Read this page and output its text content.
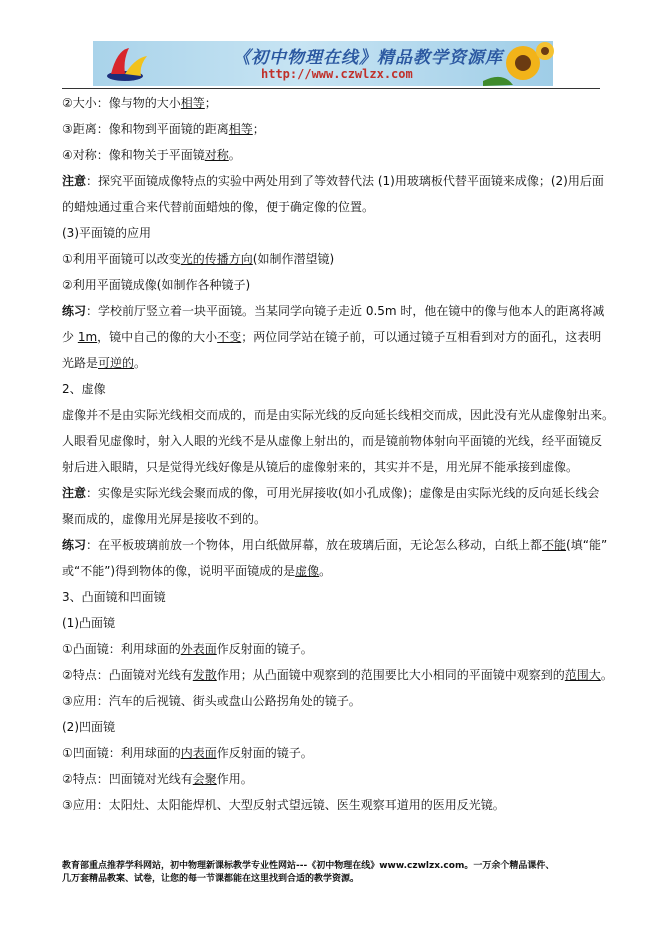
《初中物理在线》精品教学资源库
http://www.czwlzx.com
②大小：像与物的大小相等；
③距离：像和物到平面镜的距离相等；
④对称：像和物关于平面镜对称。
注意：探究平面镜成像特点的实验中两处用到了等效替代法 (1)用玻璃板代替平面镜来成像；(2)用后面
的蜡烛通过重合来代替前面蜡烛的像，便于确定像的位置。
(3)平面镜的应用
①利用平面镜可以改变光的传播方向(如制作潜望镜)
②利用平面镜成像(如制作各种镜子)
练习：学校前厅竖立着一块平面镜。当某同学向镜子走近 0.5m 时，他在镜中的像与他本人的距离将减
少 1m，镜中自己的像的大小不变；两位同学站在镜子前，可以通过镜子互相看到对方的面孔，这表明
光路是可逆的。
2、虚像
虚像并不是由实际光线相交而成的，而是由实际光线的反向延长线相交而成，因此没有光从虚像射出来。
人眼看见虚像时，射入人眼的光线不是从虚像上射出的，而是镜前物体射向平面镜的光线，经平面镜反
射后进入眼睛，只是觉得光线好像是从镜后的虚像射来的，其实并不是，用光屏不能承接到虚像。
注意：实像是实际光线会聚而成的像，可用光屏接收(如小孔成像)；虚像是由实际光线的反向延长线会
聚而成的，虚像用光屏是接收不到的。
练习：在平板玻璃前放一个物体，用白纸做屏幕，放在玻璃后面，无论怎么移动，白纸上都不能(填“能”
或“不能”)得到物体的像，说明平面镜成的是虚像。
3、凸面镜和凹面镜
(1)凸面镜
①凸面镜：利用球面的外表面作反射面的镜子。
②特点：凸面镜对光线有发散作用；从凸面镜中观察到的范围要比大小相同的平面镜中观察到的范围大。
③应用：汽车的后视镜、街头或盘山公路拐角处的镜子。
(2)凹面镜
①凹面镜：利用球面的内表面作反射面的镜子。
②特点：凹面镜对光线有会聚作用。
③应用：太阳灶、太阳能焊机、大型反射式望远镜、医生观察耳道用的医用反光镜。
教育部重点推荐学科网站，初中物理新课标教学专业性网站---《初中物理在线》www.czwlzx.com。一万余个精品课件、
几万套精品教案、试卷，让您的每一节课都能在这里找到合适的教学资源。
